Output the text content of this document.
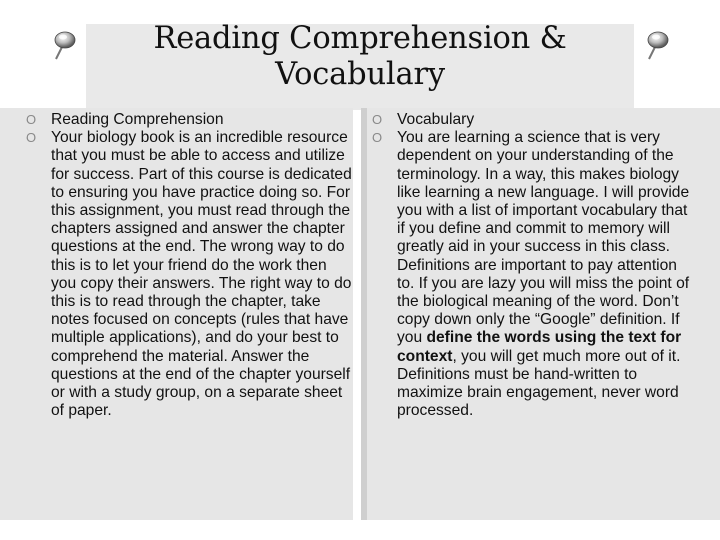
Reading Comprehension &
Vocabulary
O Reading Comprehension
O Your biology book is an incredible resource that you must be able to access and utilize for success. Part of this course is dedicated to ensuring you have practice doing so. For this assignment, you must read through the chapters assigned and answer the chapter questions at the end. The wrong way to do this is to let your friend do the work then you copy their answers. The right way to do this is to read through the chapter, take notes focused on concepts (rules that have multiple applications), and do your best to comprehend the material. Answer the questions at the end of the chapter yourself or with a study group, on a separate sheet of paper.
O Vocabulary
O You are learning a science that is very dependent on your understanding of the terminology. In a way, this makes biology like learning a new language. I will provide you with a list of important vocabulary that if you define and commit to memory will greatly aid in your success in this class. Definitions are important to pay attention to. If you are lazy you will miss the point of the biological meaning of the word. Don’t copy down only the “Google” definition. If you define the words using the text for context, you will get much more out of it. Definitions must be hand-written to maximize brain engagement, never word processed.
